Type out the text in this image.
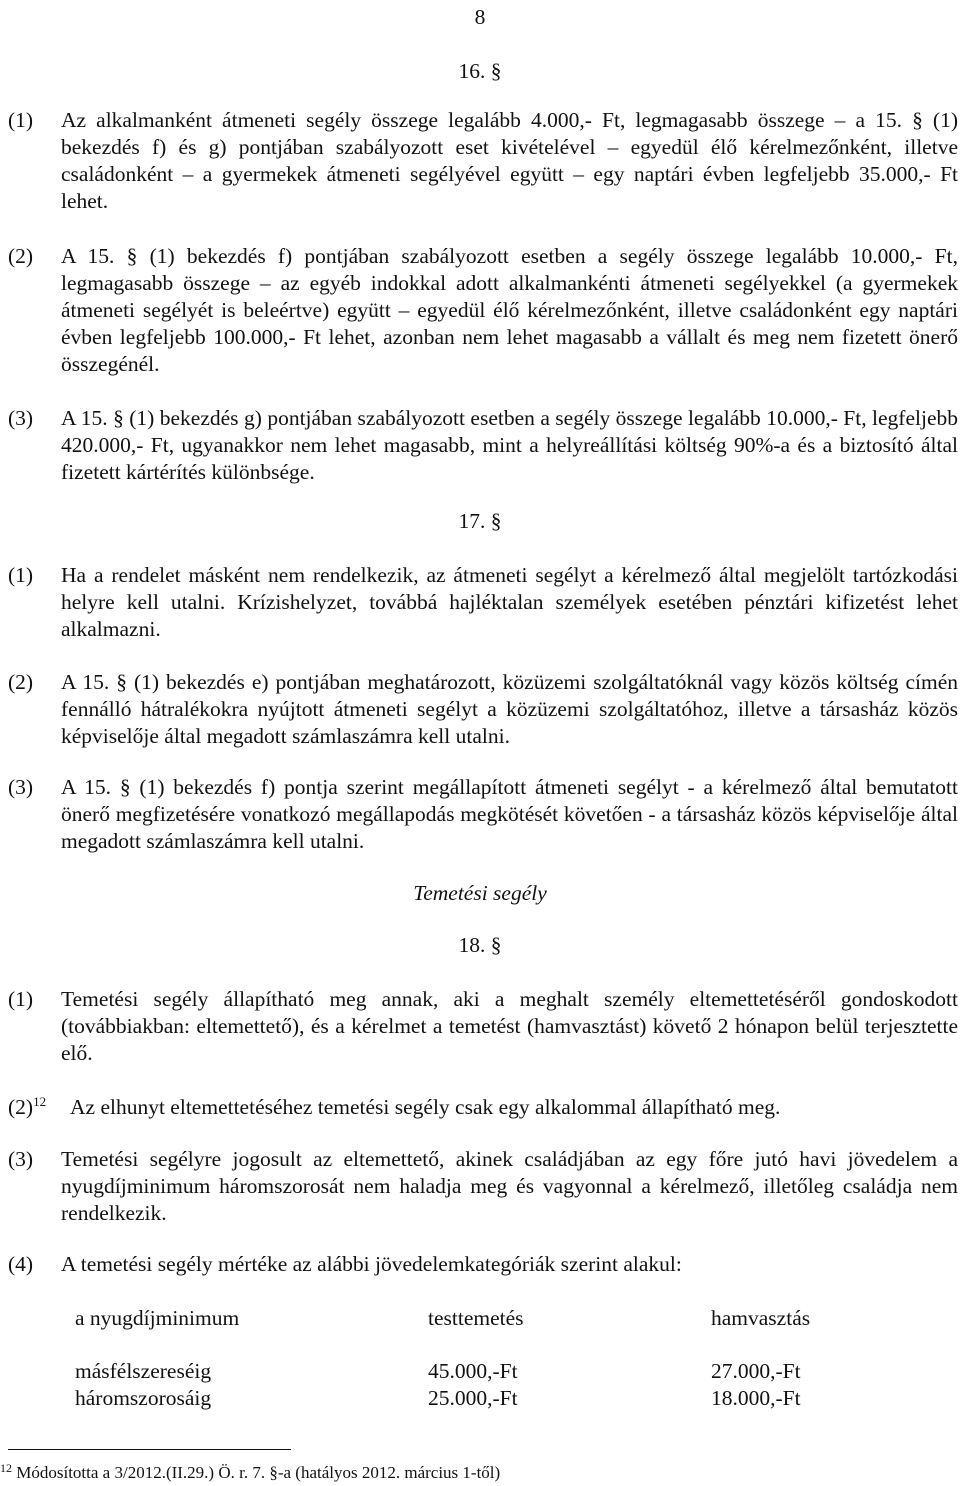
8
16. §
(1) Az alkalmanként átmeneti segély összege legalább 4.000,- Ft, legmagasabb összege – a 15. § (1) bekezdés f) és g) pontjában szabályozott eset kivételével – egyedül élő kérelmezőnként, illetve családonként – a gyermekek átmeneti segélyével együtt – egy naptári évben legfeljebb 35.000,- Ft lehet.
(2) A 15. § (1) bekezdés f) pontjában szabályozott esetben a segély összege legalább 10.000,- Ft, legmagasabb összege – az egyéb indokkal adott alkalmankénti átmeneti segélyekkel (a gyermekek átmeneti segélyét is beleértve) együtt – egyedül élő kérelmezőnként, illetve családonként egy naptári évben legfeljebb 100.000,- Ft lehet, azonban nem lehet magasabb a vállalt és meg nem fizetett önerő összegénél.
(3) A 15. § (1) bekezdés g) pontjában szabályozott esetben a segély összege legalább 10.000,- Ft, legfeljebb 420.000,- Ft, ugyanakkor nem lehet magasabb, mint a helyreállítási költség 90%-a és a biztosító által fizetett kártérítés különbsége.
17. §
(1) Ha a rendelet másként nem rendelkezik, az átmeneti segélyt a kérelmező által megjelölt tartózkodási helyre kell utalni. Krízishelyzet, továbbá hajléktalan személyek esetében pénztári kifizetést lehet alkalmazni.
(2) A 15. § (1) bekezdés e) pontjában meghatározott, közüzemi szolgáltatóknál vagy közös költség címén fennálló hátralékokra nyújtott átmeneti segélyt a közüzemi szolgáltatóhoz, illetve a társasház közös képviselője által megadott számlaszámra kell utalni.
(3) A 15. § (1) bekezdés f) pontja szerint megállapított átmeneti segélyt - a kérelmező által bemutatott önerő megfizetésére vonatkozó megállapodás megkötését követően - a társasház közös képviselője által megadott számlaszámra kell utalni.
Temetési segély
18. §
(1) Temetési segély állapítható meg annak, aki a meghalt személy eltemettetéséről gondoskodott (továbbiakban: eltemettető), és a kérelmet a temetést (hamvasztást) követő 2 hónapon belül terjesztette elő.
$(2)^{12}$ Az elhunyt eltemettetéséhez temetési segély csak egy alkalommal állapítható meg.
(3) Temetési segélyre jogosult az eltemettető, akinek családjában az egy főre jutó havi jövedelem a nyugdíjminimum háromszorosát nem haladja meg és vagyonnal a kérelmező, illetőleg családja nem rendelkezik.
(4) A temetési segély mértéke az alábbi jövedelemkategóriák szerint alakul:
a nyugdíjminimum	testtemetés	hamvasztás
másfélszereséig	45.000,-Ft	27.000,-Ft
háromszorosáig	25.000,-Ft	18.000,-Ft
$^{12}$ Módosította a 3/2012.(II.29.) Ö. r. 7. §-a (hatályos 2012. március 1-től)
